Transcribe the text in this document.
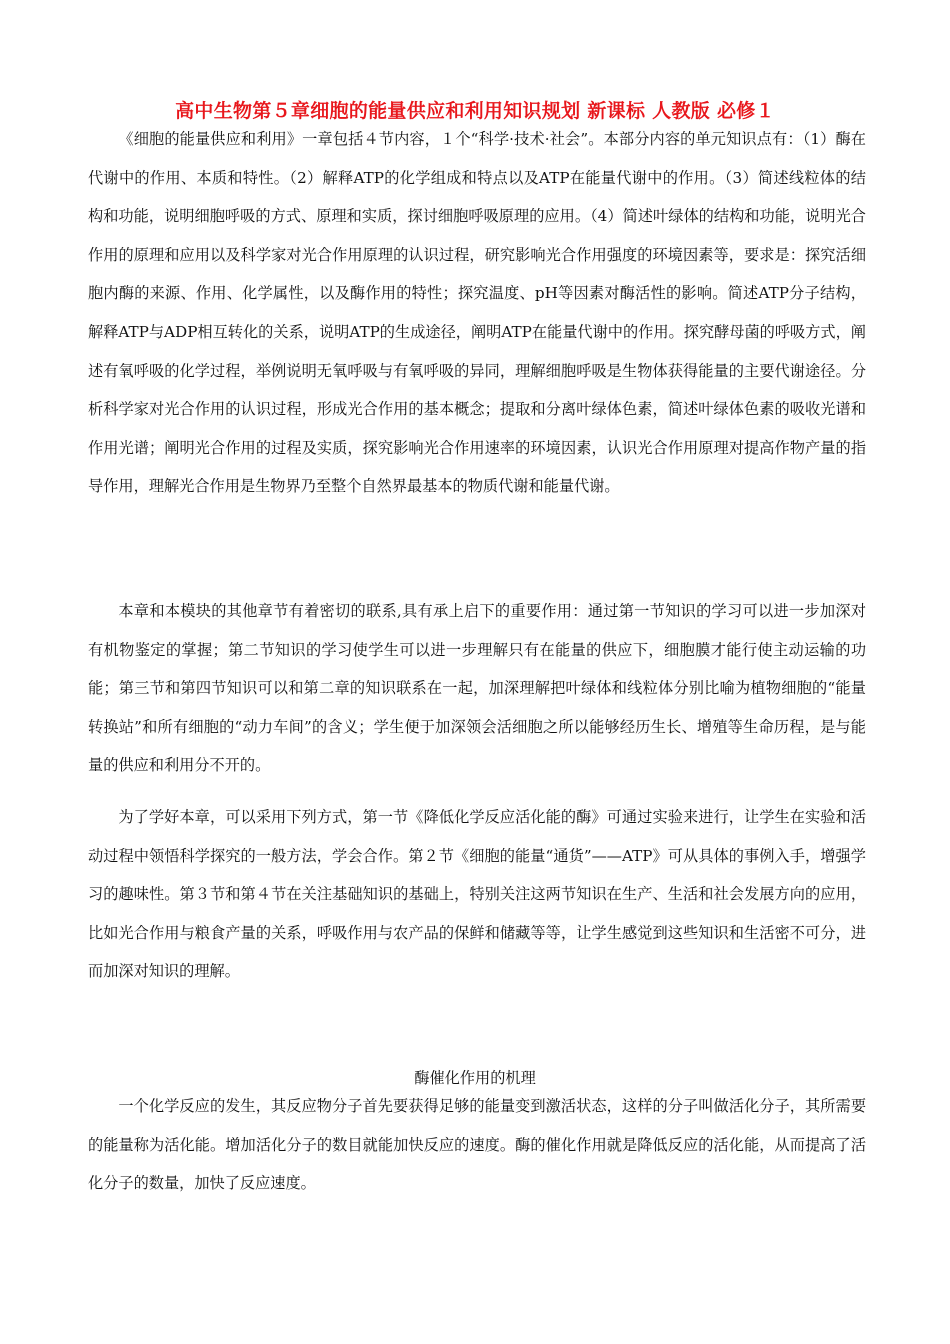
高中生物第５章细胞的能量供应和利用知识规划 新课标 人教版 必修１

《细胞的能量供应和利用》一章包括４节内容，１个“科学·技术·社会”。本部分内容的单元知识点有：（1）酶在代谢中的作用、本质和特性。（2）解释ATP的化学组成和特点以及ATP在能量代谢中的作用。（3）简述线粒体的结构和功能，说明细胞呼吸的方式、原理和实质，探讨细胞呼吸原理的应用。（4）简述叶绿体的结构和功能，说明光合作用的原理和应用以及科学家对光合作用原理的认识过程，研究影响光合作用强度的环境因素等，要求是：探究活细胞内酶的来源、作用、化学属性，以及酶作用的特性；探究温度、pH等因素对酶活性的影响。简述ATP分子结构，解释ATP与ADP相互转化的关系，说明ATP的生成途径，阐明ATP在能量代谢中的作用。探究酵母菌的呼吸方式，阐述有氧呼吸的化学过程，举例说明无氧呼吸与有氧呼吸的异同，理解细胞呼吸是生物体获得能量的主要代谢途径。分析科学家对光合作用的认识过程，形成光合作用的基本概念；提取和分离叶绿体色素，简述叶绿体色素的吸收光谱和作用光谱；阐明光合作用的过程及实质，探究影响光合作用速率的环境因素，认识光合作用原理对提高作物产量的指导作用，理解光合作用是生物界乃至整个自然界最基本的物质代谢和能量代谢。

本章和本模块的其他章节有着密切的联系,具有承上启下的重要作用：通过第一节知识的学习可以进一步加深对有机物鉴定的掌握；第二节知识的学习使学生可以进一步理解只有在能量的供应下，细胞膜才能行使主动运输的功能；第三节和第四节知识可以和第二章的知识联系在一起，加深理解把叶绿体和线粒体分别比喻为植物细胞的“能量转换站”和所有细胞的“动力车间”的含义；学生便于加深领会活细胞之所以能够经历生长、增殖等生命历程，是与能量的供应和利用分不开的。

为了学好本章，可以采用下列方式，第一节《降低化学反应活化能的酶》可通过实验来进行，让学生在实验和活动过程中领悟科学探究的一般方法，学会合作。第２节《细胞的能量“通货”——ATP》可从具体的事例入手，增强学习的趣味性。第３节和第４节在关注基础知识的基础上，特别关注这两节知识在生产、生活和社会发展方向的应用，比如光合作用与粮食产量的关系，呼吸作用与农产品的保鲜和储藏等等，让学生感觉到这些知识和生活密不可分，进而加深对知识的理解。

酶催化作用的机理

一个化学反应的发生，其反应物分子首先要获得足够的能量变到激活状态，这样的分子叫做活化分子，其所需要的能量称为活化能。增加活化分子的数目就能加快反应的速度。酶的催化作用就是降低反应的活化能，从而提高了活化分子的数量，加快了反应速度。
